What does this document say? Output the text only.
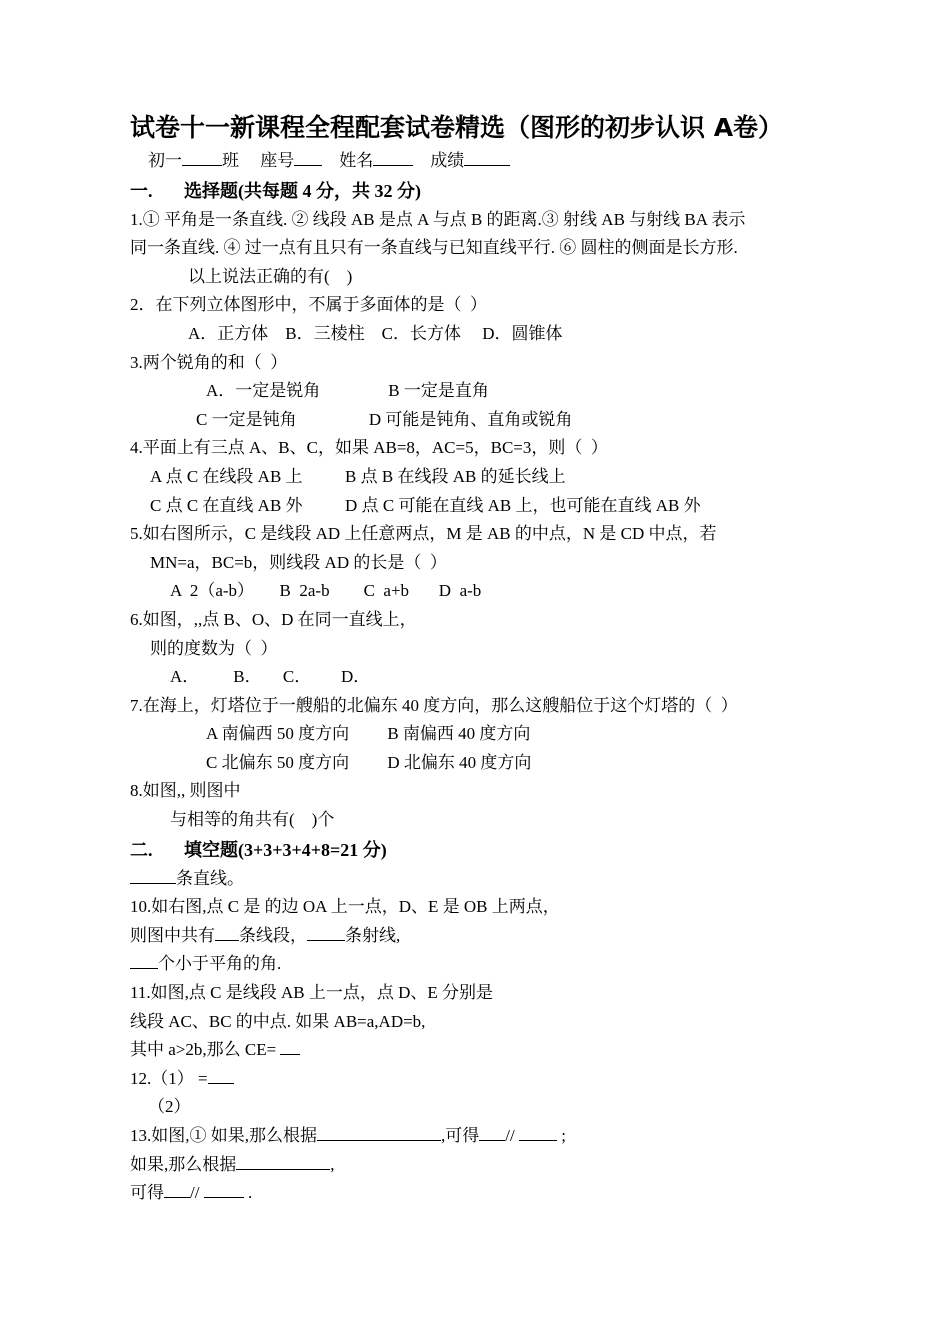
试卷十一新课程全程配套试卷精选（图形的初步认识 A卷）
初一 班 座号	姓名	成绩
一.       选择题(共每题 4 分，共 32 分)
1.① 平角是一条直线. ② 线段 AB 是点 A 与点 B 的距离.③ 射线 AB 与射线 BA 表示
同一条直线. ④ 过一点有且只有一条直线与已知直线平行. ⑥ 圆柱的侧面是长方形.
以上说法正确的有(    )
2．在下列立体图形中，不属于多面体的是（  ）
A．正方体    B．三棱柱    C．长方体     D．圆锥体
3.两个锐角的和（  ）
A．一定是锐角                B 一定是直角
C 一定是钝角                 D 可能是钝角、直角或锐角
4.平面上有三点 A、B、C，如果 AB=8，AC=5，BC=3，则（  ）
A 点 C 在线段 AB 上          B 点 B 在线段 AB 的延长线上
C 点 C 在直线 AB 外          D 点 C 可能在直线 AB 上，也可能在直线 AB 外
5.如右图所示，C 是线段 AD 上任意两点，M 是 AB 的中点，N 是 CD 中点，若
MN=a，BC=b，则线段 AD 的长是（  ）
A  2（a-b）      B  2a-b        C  a+b       D  a-b
6.如图，,,点 B、O、D 在同一直线上，
则的度数为（  ）
A．        B．     C．       D．
7.在海上，灯塔位于一艘船的北偏东 40 度方向，那么这艘船位于这个灯塔的（  ）
A 南偏西 50 度方向         B 南偏西 40 度方向
C 北偏东 50 度方向         D 北偏东 40 度方向
8.如图,, 则图中
与相等的角共有(    )个
二.       填空题(3+3+3+4+8=21 分)
条直线。
10.如右图,点 C 是 的边 OA 上一点，D、E 是 OB 上两点，
则图中共有 条线段， 条射线,
个小于平角的角.
11.如图,点 C 是线段 AB 上一点，点 D、E 分别是
线段 AC、BC 的中点. 如果 AB=a,AD=b,
其中 a>2b,那么 CE=
12.（1） =
（2）
13.如图,① 如果,那么根据	,可得 //  ;
如果,那么根据	,
可得 //  .
